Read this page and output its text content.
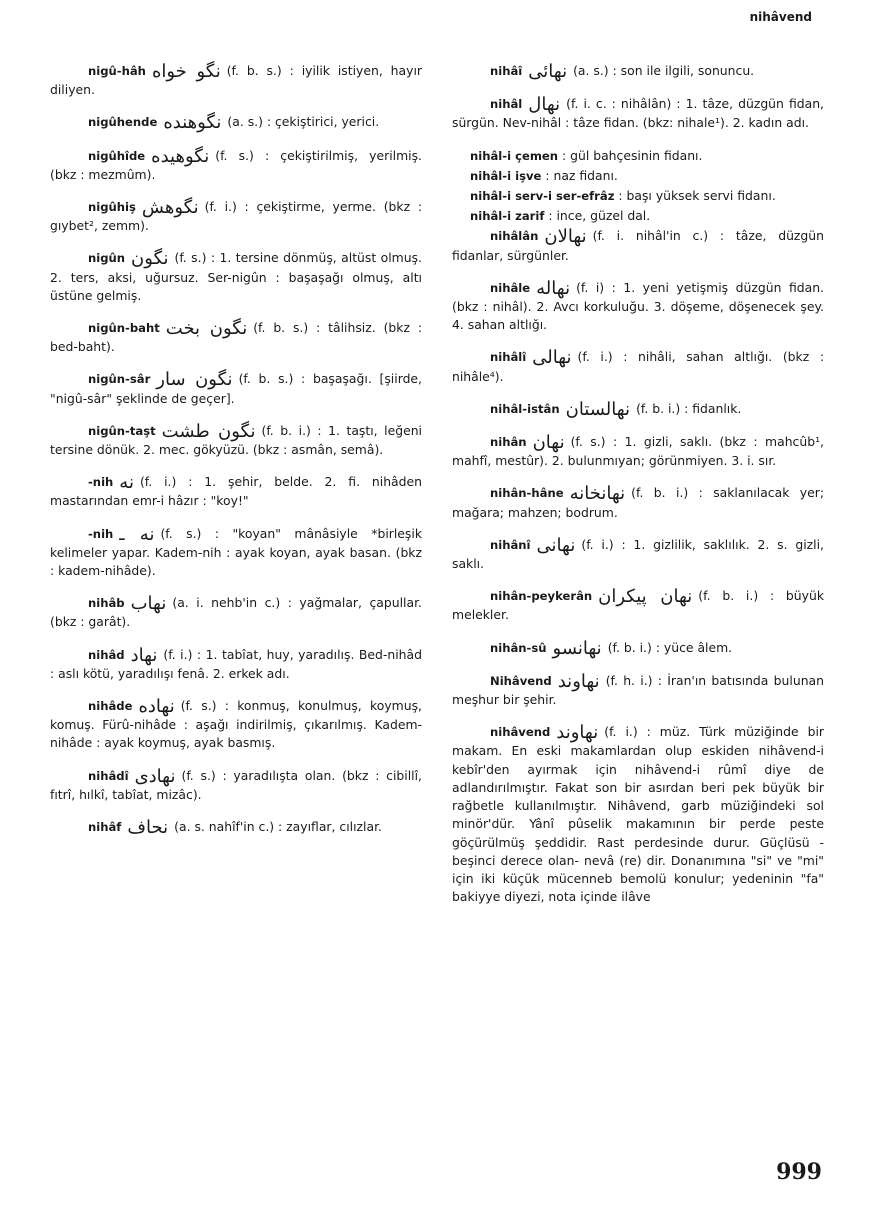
nihâvend
nigû-hâh نگو خواه (f. b. s.) : iyilik istiyen, hayır diliyen.
nigûhende نگوهنده (a. s.) : çekiştirici, yerici.
nigûhîde نگوهیده (f. s.) : çekiştirilmiş, yerilmiş. (bkz : mezmûm).
nigûhiş نگوهش (f. i.) : çekiştirme, yerme. (bkz : gıybet², zemm).
nigûn نگون (f. s.) : 1. tersine dönmüş, altüst olmuş. 2. ters, aksi, uğursuz. Ser-nigûn : başaşağı olmuş, altı üstüne gelmiş.
nigûn-baht نگون بخت (f. b. s.) : tâlihsiz. (bkz : bed-baht).
nigûn-sâr نگون سار (f. b. s.) : başaşağı. [şiirde, "nigû-sâr" şeklinde de geçer].
nigûn-taşt نگون طشت (f. b. i.) : 1. taştı, leğeni tersine dönük. 2. mec. gökyüzü. (bkz : asmân, semâ).
-nih نه (f. i.) : 1. şehir, belde. 2. fi. nihâden mastarından emr-i hâzır : "koy!"
-nih نه ـ (f. s.) : "koyan" mânâsiyle *birleşik kelimeler yapar. Kadem-nih : ayak koyan, ayak basan. (bkz : kadem-nihâde).
nihâb نهاب (a. i. nehb'in c.) : yağmalar, çapullar. (bkz : garât).
nihâd نهاد (f. i.) : 1. tabîat, huy, yaradılış. Bed-nihâd : aslı kötü, yaradılışı fenâ. 2. erkek adı.
nihâde نهاده (f. s.) : konmuş, konulmuş, koymuş, komuş. Fürû-nihâde : aşağı indirilmiş, çıkarılmış. Kadem-nihâde : ayak koymuş, ayak basmış.
nihâdî نهادی (f. s.) : yaradılışta olan. (bkz : cibillî, fıtrî, hılkî, tabîat, mizâc).
nihâf نحاف (a. s. nahîf'in c.) : zayıflar, cılızlar.
nihâî نهائی (a. s.) : son ile ilgili, sonuncu.
nihâl نهال (f. i. c. : nihâlân) : 1. tâze, düzgün fidan, sürgün. Nev-nihâl : tâze fidan. (bkz: nihale¹). 2. kadın adı.
nihâl-i çemen : gül bahçesinin fidanı.
nihâl-i işve : naz fidanı.
nihâl-i serv-i ser-efrâz : başı yüksek servi fidanı.
nihâl-i zarif : ince, güzel dal.
nihâlân نهالان (f. i. nihâl'in c.) : tâze, düzgün fidanlar, sürgünler.
nihâle نهاله (f. i) : 1. yeni yetişmiş düzgün fidan. (bkz : nihâl). 2. Avcı korkuluğu. 3. döşeme, döşenecek şey. 4. sahan altlığı.
nihâlî نهالی (f. i.) : nihâli, sahan altlığı. (bkz : nihâle⁴).
nihâl-istân نهالستان (f. b. i.) : fidanlık.
nihân نهان (f. s.) : 1. gizli, saklı. (bkz : mahcûb¹, mahfî, mestûr). 2. bulunmıyan; görünmiyen. 3. i. sır.
nihân-hâne نهانخانه (f. b. i.) : saklanılacak yer; mağara; mahzen; bodrum.
nihânî نهانی (f. i.) : 1. gizlilik, saklılık. 2. s. gizli, saklı.
nihân-peykerân نهان پیکران (f. b. i.) : büyük melekler.
nihân-sû نهانسو (f. b. i.) : yüce âlem.
Nihâvend نهاوند (f. h. i.) : İran'ın batısında bulunan meşhur bir şehir.
nihâvend نهاوند (f. i.) : müz. Türk müziğinde bir makam. En eski makamlardan olup eskiden nihâvend-i kebîr'den ayırmak için nihâvend-i rûmî diye de adlandırılmıştır. Fakat son bir asırdan beri pek büyük bir rağbetle kullanılmıştır. Nihâvend, garb müziğindeki sol minör'dür. Yânî pûselik makamının bir perde peste göçürülmüş şeddidir. Rast perdesinde durur. Güçlüsü -beşinci derece olan- nevâ (re) dir. Donanımına "si" ve "mi" için iki küçük mücenneb bemolü konulur; yedeninin "fa" bakiyye diyezi, nota içinde ilâve
999
